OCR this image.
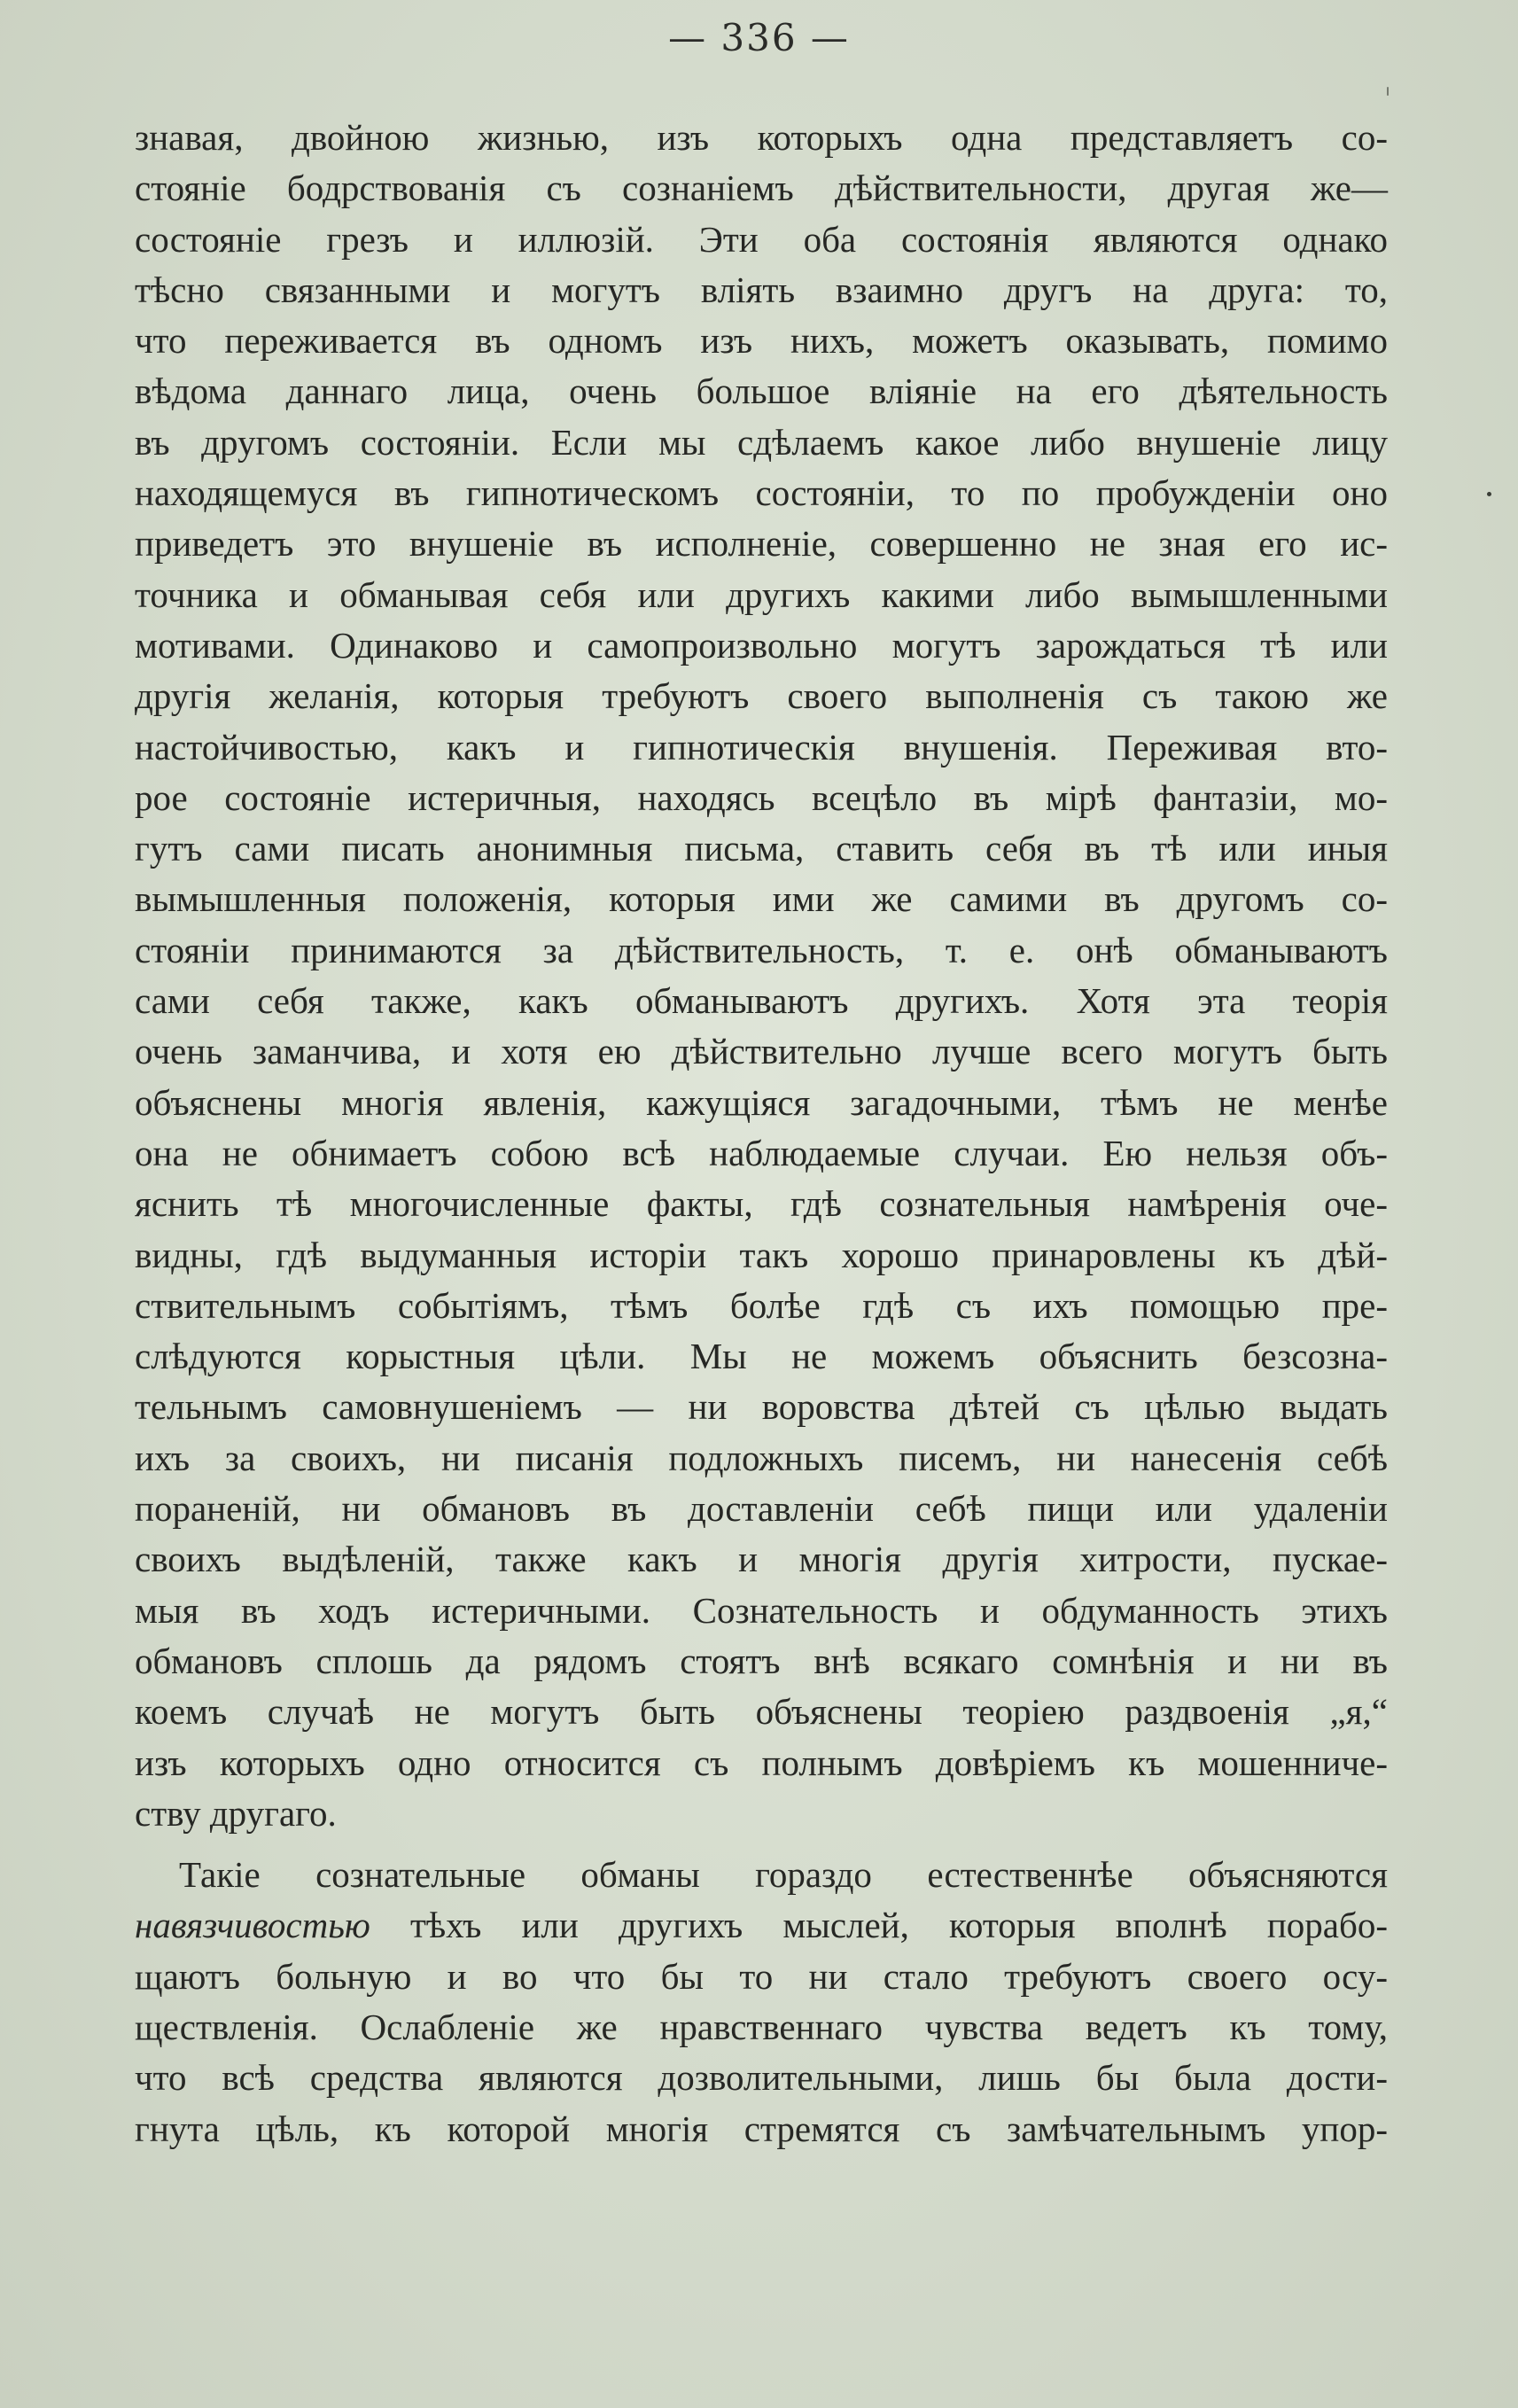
— 336 —
знавая, двойною жизнью, изъ которыхъ одна представляетъ со-
стояніе бодрствованія съ сознаніемъ дѣйствительности, другая же—
состояніе грезъ и иллюзій. Эти оба состоянія являются однако
тѣсно связанными и могутъ вліять взаимно другъ на друга: то,
что переживается въ одномъ изъ нихъ, можетъ оказывать, помимо
вѣдома даннаго лица, очень большое вліяніе на его дѣятельность
въ другомъ состояніи. Если мы сдѣлаемъ какое либо внушеніе лицу
находящемуся въ гипнотическомъ состояніи, то по пробужденіи оно
приведетъ это внушеніе въ исполненіе, совершенно не зная его ис-
точника и обманывая себя или другихъ какими либо вымышленными
мотивами. Одинаково и самопроизвольно могутъ зарождаться тѣ или
другія желанія, которыя требуютъ своего выполненія съ такою же
настойчивостью, какъ и гипнотическія внушенія. Переживая вто-
рое состояніе истеричныя, находясь всецѣло въ мірѣ фантазіи, мо-
гутъ сами писать анонимныя письма, ставить себя въ тѣ или иныя
вымышленныя положенія, которыя ими же самими въ другомъ со-
стояніи принимаются за дѣйствительность, т. е. онѣ обманываютъ
сами себя также, какъ обманываютъ другихъ. Хотя эта теорія
очень заманчива, и хотя ею дѣйствительно лучше всего могутъ быть
объяснены многія явленія, кажущіяся загадочными, тѣмъ не менѣе
она не обнимаетъ собою всѣ наблюдаемые случаи. Ею нельзя объ-
яснить тѣ многочисленные факты, гдѣ сознательныя намѣренія оче-
видны, гдѣ выдуманныя исторіи такъ хорошо принаровлены къ дѣй-
ствительнымъ событіямъ, тѣмъ болѣе гдѣ съ ихъ помощью пре-
слѣдуются корыстныя цѣли. Мы не можемъ объяснить безсозна-
тельнымъ самовнушеніемъ — ни воровства дѣтей съ цѣлью выдать
ихъ за своихъ, ни писанія подложныхъ писемъ, ни нанесенія себѣ
пораненій, ни обмановъ въ доставленіи себѣ пищи или удаленіи
своихъ выдѣленій, также какъ и многія другія хитрости, пускае-
мыя въ ходъ истеричными. Сознательность и обдуманность этихъ
обмановъ сплошь да рядомъ стоятъ внѣ всякаго сомнѣнія и ни въ
коемъ случаѣ не могутъ быть объяснены теоріею раздвоенія „я,“
изъ которыхъ одно относится съ полнымъ довѣріемъ къ мошенниче-
ству другаго.
Такіе сознательные обманы гораздо естественнѣе объясняются
навязчивостью тѣхъ или другихъ мыслей, которыя вполнѣ порабо-
щаютъ больную и во что бы то ни стало требуютъ своего осу-
ществленія. Ослабленіе же нравственнаго чувства ведетъ къ тому,
что всѣ средства являются дозволительными, лишь бы была дости-
гнута цѣль, къ которой многія стремятся съ замѣчательнымъ упор-
